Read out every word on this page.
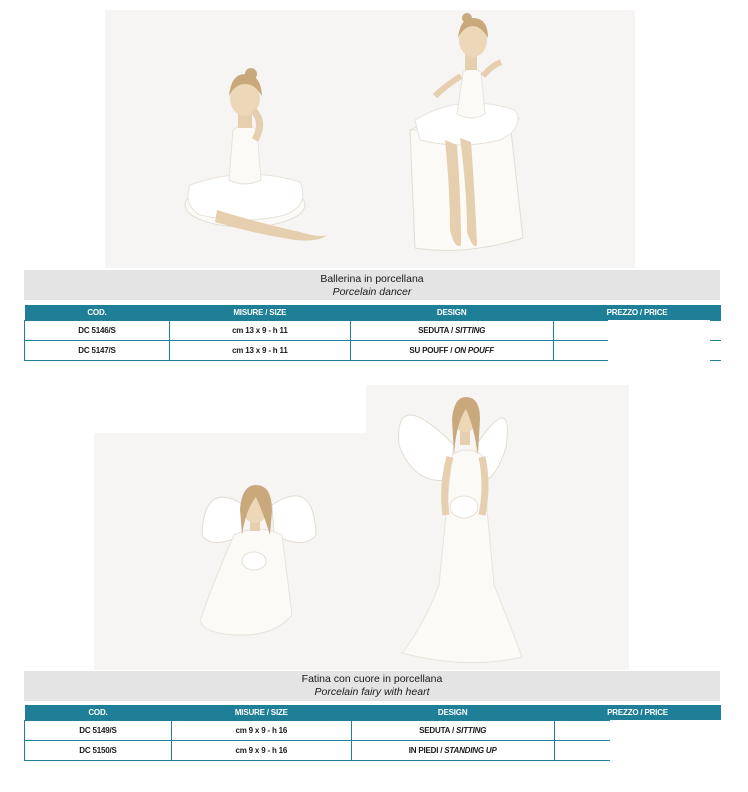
Ballerina in porcellana
Porcelain dancer
COD.	MISURE / SIZE	DESIGN	PREZZO / PRICE
DC 5146/S	cm 13 x 9 - h 11	SEDUTA / SITTING	
DC 5147/S	cm 13 x 9 - h 11	SU POUFF / ON POUFF	
Fatina con cuore in porcellana
Porcelain fairy with heart
COD.	MISURE / SIZE	DESIGN	PREZZO / PRICE
DC 5149/S	cm 9 x 9 - h 16	SEDUTA / SITTING	
DC 5150/S	cm 9 x 9 - h 16	IN PIEDI / STANDING UP	
